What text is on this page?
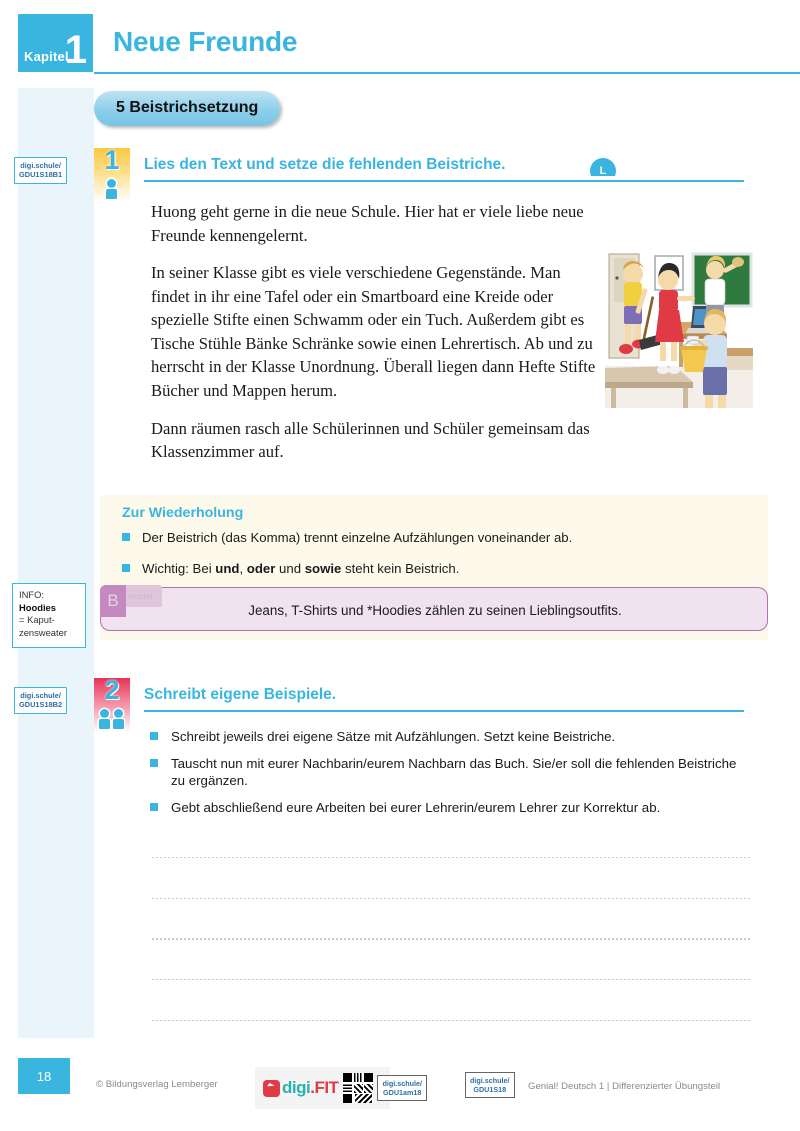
Kapitel
1 Neue Freunde
5 Beistrichsetzung
digi.schule/
GDU1S18B1
digi.schule/
GDU1S18B2
INFO:
Hoodies
= Kaput-zensweater
1	Lies den Text und setze die fehlenden Beistriche.	L

Huong geht gerne in die neue Schule. Hier hat er viele liebe neue Freunde kennengelernt.

In seiner Klasse gibt es viele verschiedene Gegenstände. Man findet in ihr eine Tafel oder ein Smartboard eine Kreide oder spezielle Stifte einen Schwamm oder ein Tuch. Außerdem gibt es Tische Stühle Bänke Schränke sowie einen Lehrertisch. Ab und zu herrscht in der Klasse Unordnung. Überall liegen dann Hefte Stifte Bücher und Mappen herum.

Dann räumen rasch alle Schülerinnen und Schüler gemeinsam das Klassenzimmer auf.

Zur Wiederholung
Der Beistrich (das Komma) trennt einzelne Aufzählungen voneinander ab.
Wichtig: Bei und, oder und sowie steht kein Beistrich.
Jeans, T-Shirts und *Hoodies zählen zu seinen Lieblingsoutfits.
eispiel
B
2	Schreibt eigene Beispiele.
Schreibt jeweils drei eigene Sätze mit Aufzählungen. Setzt keine Beistriche.
Tauscht nun mit eurer Nachbarin/eurem Nachbarn das Buch. Sie/er soll die fehlenden Beistriche zu ergänzen.
Gebt abschließend eure Arbeiten bei eurer Lehrerin/eurem Lehrer zur Korrektur ab.
18
© Bildungsverlag Lemberger	digi.FIT	digi.schule/
GDU1am18
digi.schule/
GDU1S18	Genial! Deutsch 1 | Differenzierter Übungsteil
